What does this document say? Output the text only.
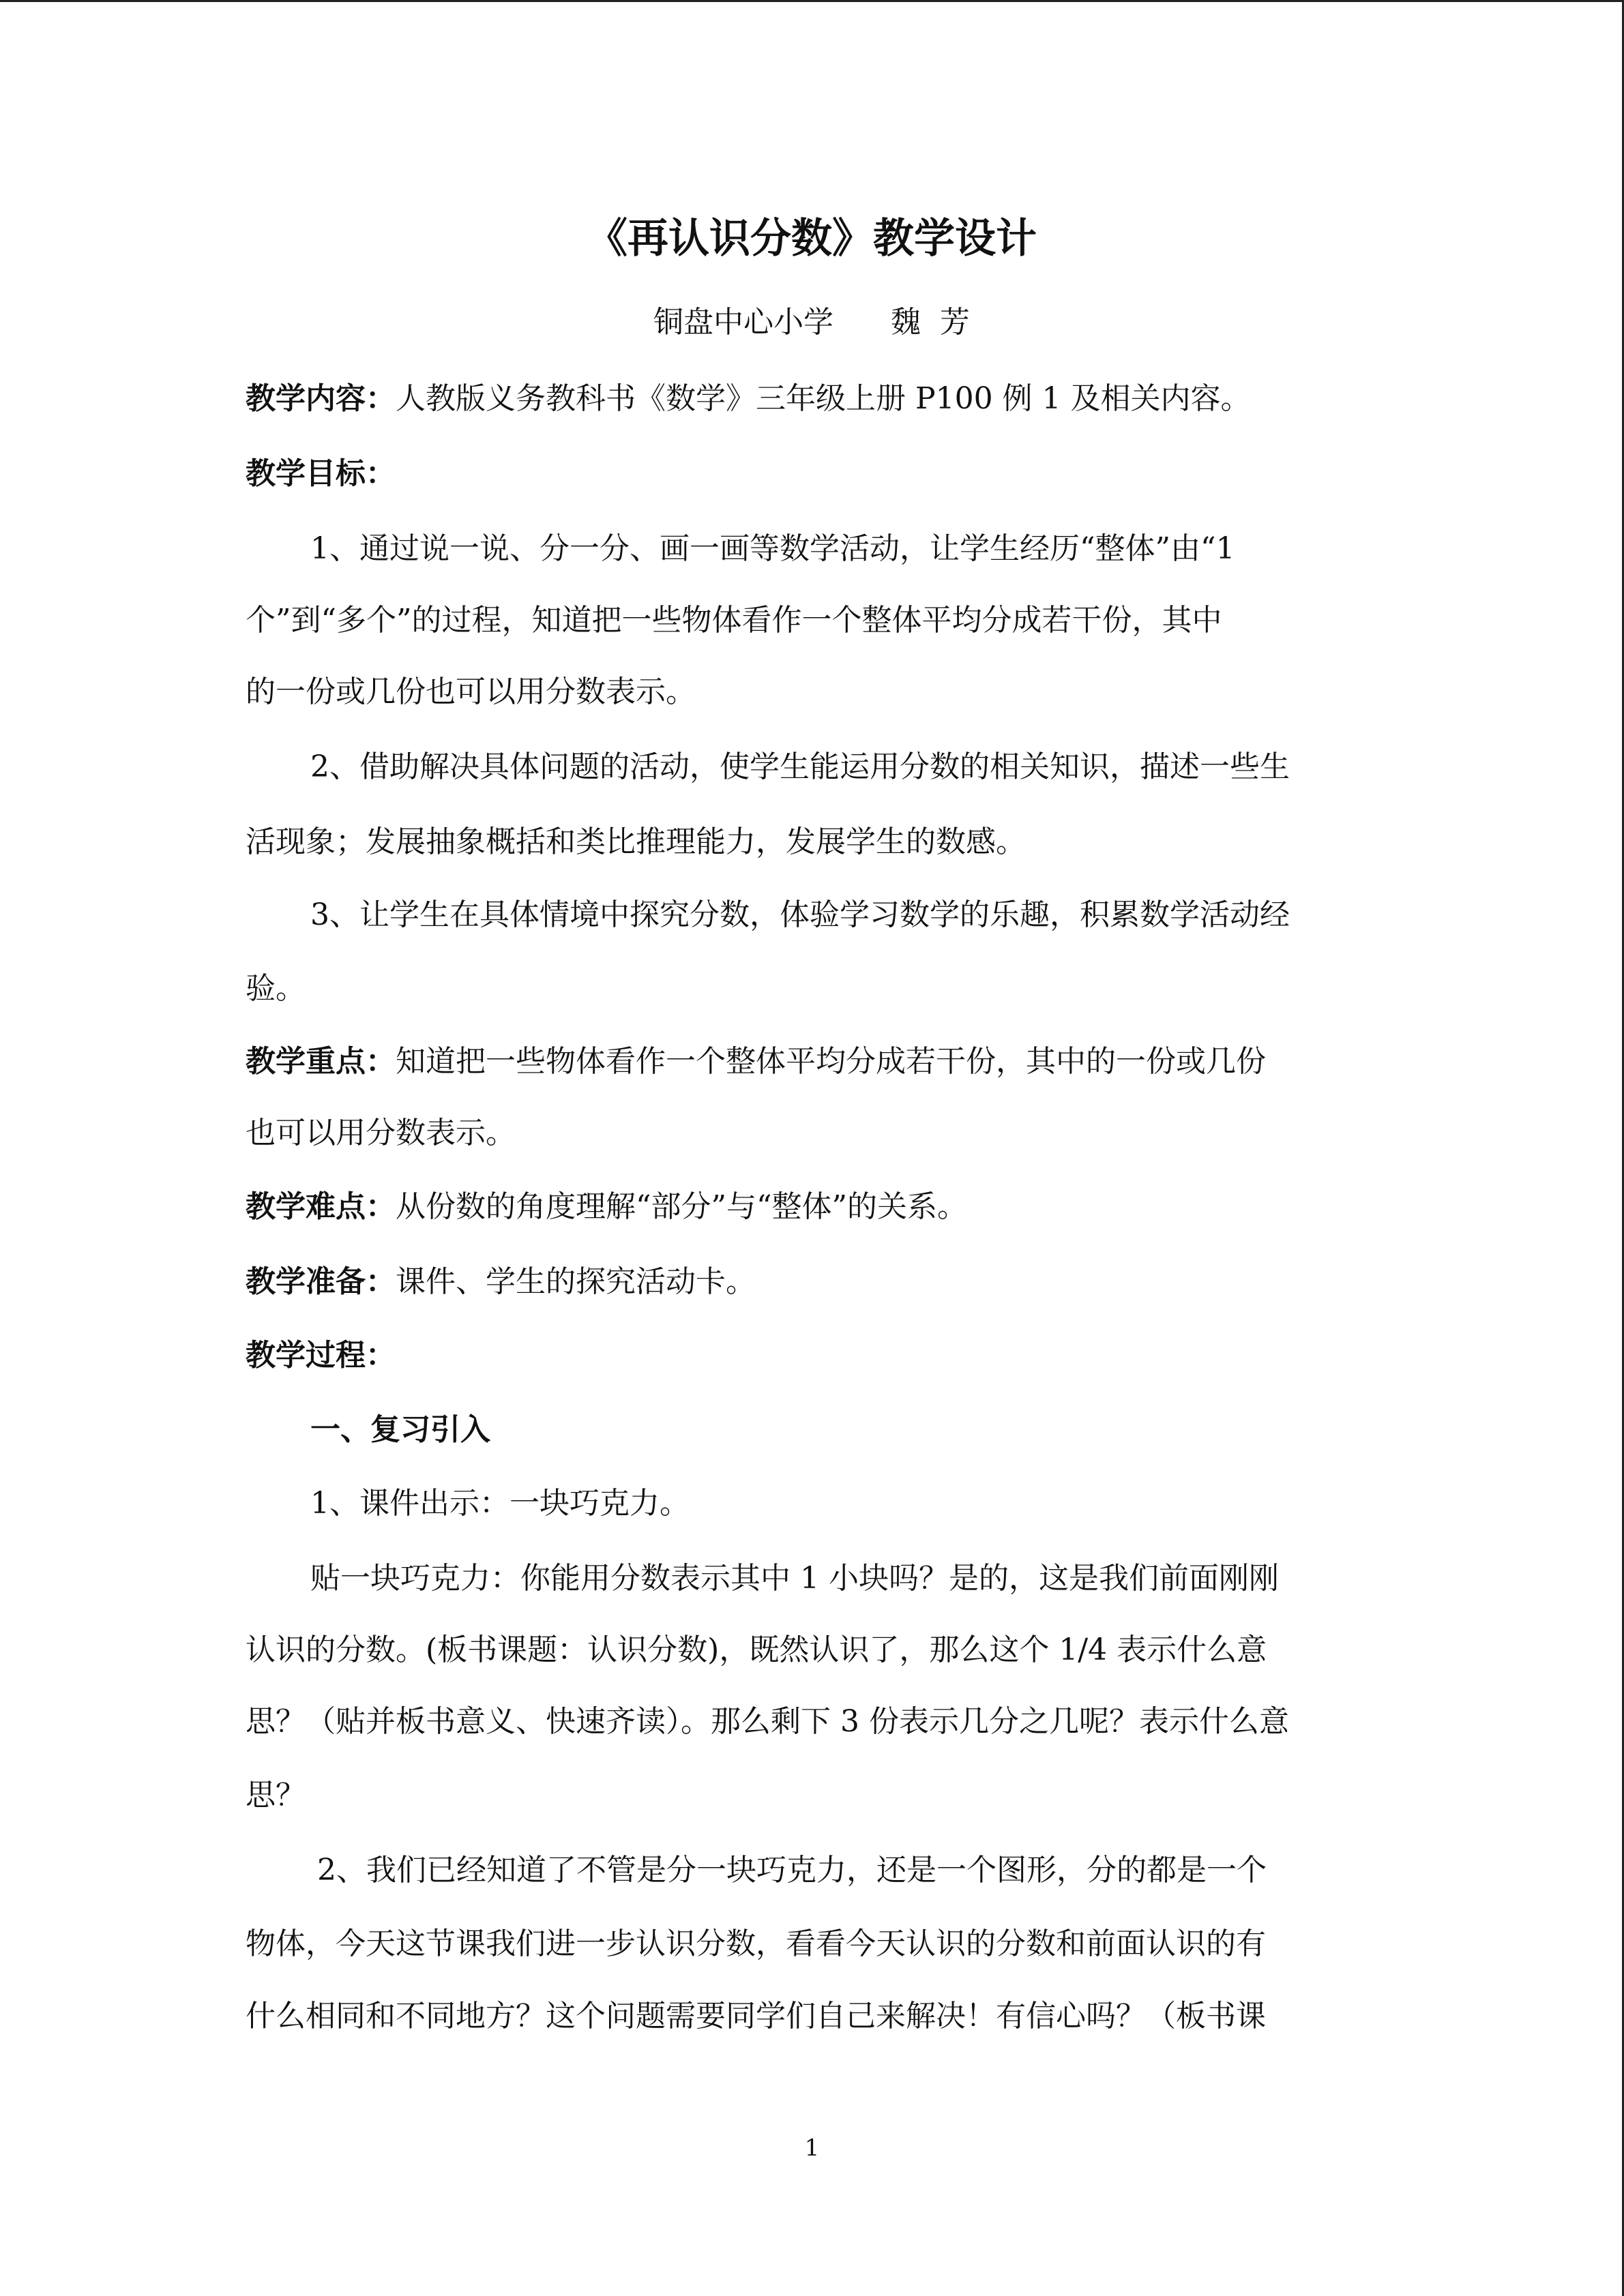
《再认识分数》教学设计
铜盘中心小学      魏  芳
教学内容：人教版义务教科书《数学》三年级上册 P100 例 1 及相关内容。
教学目标：
1、通过说一说、分一分、画一画等数学活动，让学生经历“整体”由“1
个”到“多个”的过程，知道把一些物体看作一个整体平均分成若干份，其中
的一份或几份也可以用分数表示。
2、借助解决具体问题的活动，使学生能运用分数的相关知识，描述一些生
活现象；发展抽象概括和类比推理能力，发展学生的数感。
3、让学生在具体情境中探究分数，体验学习数学的乐趣，积累数学活动经
验。
教学重点：知道把一些物体看作一个整体平均分成若干份，其中的一份或几份
也可以用分数表示。
教学难点：从份数的角度理解“部分”与“整体”的关系。
教学准备：课件、学生的探究活动卡。
教学过程：
一、复习引入
1、课件出示：一块巧克力。
贴一块巧克力：你能用分数表示其中 1 小块吗？是的，这是我们前面刚刚
认识的分数。(板书课题：认识分数)，既然认识了，那么这个 1/4 表示什么意
思？（贴并板书意义、快速齐读）。那么剩下 3 份表示几分之几呢？表示什么意
思？
2、我们已经知道了不管是分一块巧克力，还是一个图形，分的都是一个
物体，今天这节课我们进一步认识分数，看看今天认识的分数和前面认识的有
什么相同和不同地方？这个问题需要同学们自己来解决！有信心吗？（板书课
1
